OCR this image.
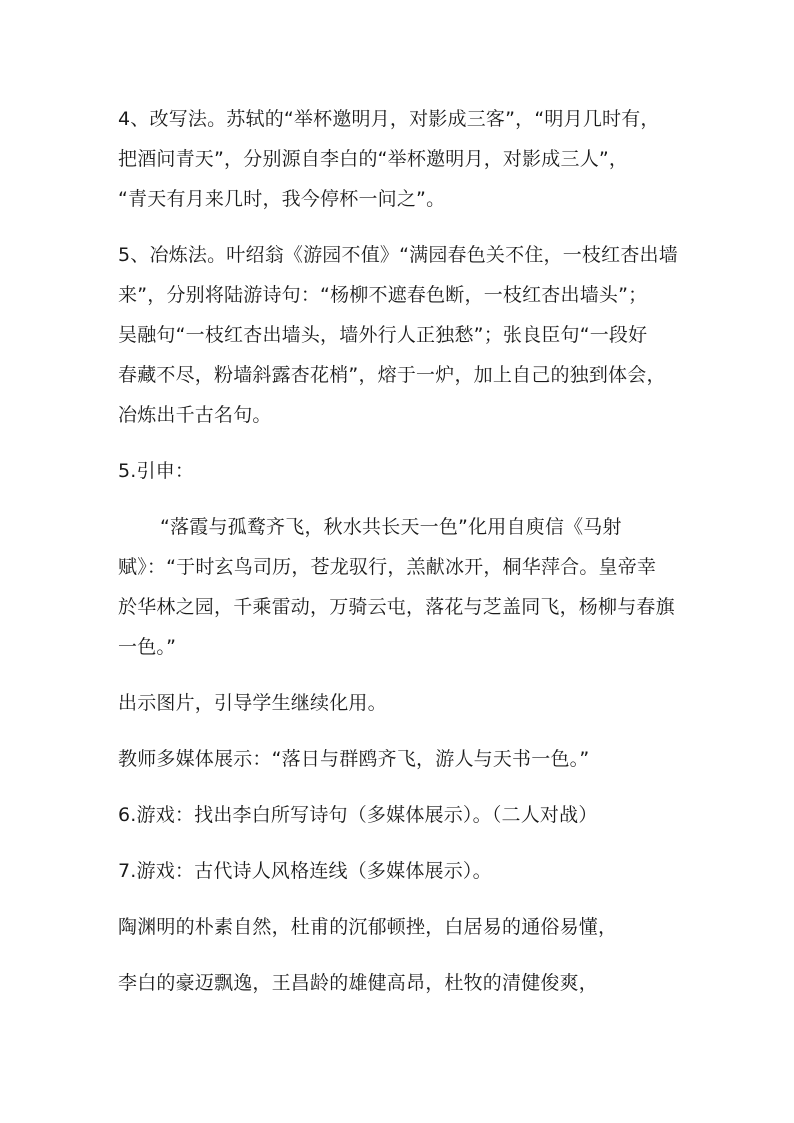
4、改写法。苏轼的“举杯邀明月，对影成三客”，“明月几时有，
把酒问青天”，分别源自李白的“举杯邀明月，对影成三人”，
“青天有月来几时，我今停杯一问之”。
5、冶炼法。叶绍翁《游园不值》“满园春色关不住，一枝红杏出墙
来”，分别将陆游诗句：“杨柳不遮春色断，一枝红杏出墙头”；
吴融句“一枝红杏出墙头，墙外行人正独愁”；张良臣句“一段好
春藏不尽，粉墙斜露杏花梢”，熔于一炉，加上自己的独到体会，
冶炼出千古名句。
5.引申：
“落霞与孤鹜齐飞，秋水共长天一色”化用自庾信《马射
赋》：“于时玄鸟司历，苍龙驭行，羔献冰开，桐华萍合。皇帝幸
於华林之园，千乘雷动，万骑云屯，落花与芝盖同飞，杨柳与春旗
一色。”
出示图片，引导学生继续化用。
教师多媒体展示：“落日与群鸥齐飞，游人与天书一色。”
6.游戏：找出李白所写诗句（多媒体展示）。（二人对战）
7.游戏：古代诗人风格连线（多媒体展示）。
陶渊明的朴素自然，杜甫的沉郁顿挫，白居易的通俗易懂，
李白的豪迈飘逸，王昌龄的雄健高昂，杜牧的清健俊爽，
